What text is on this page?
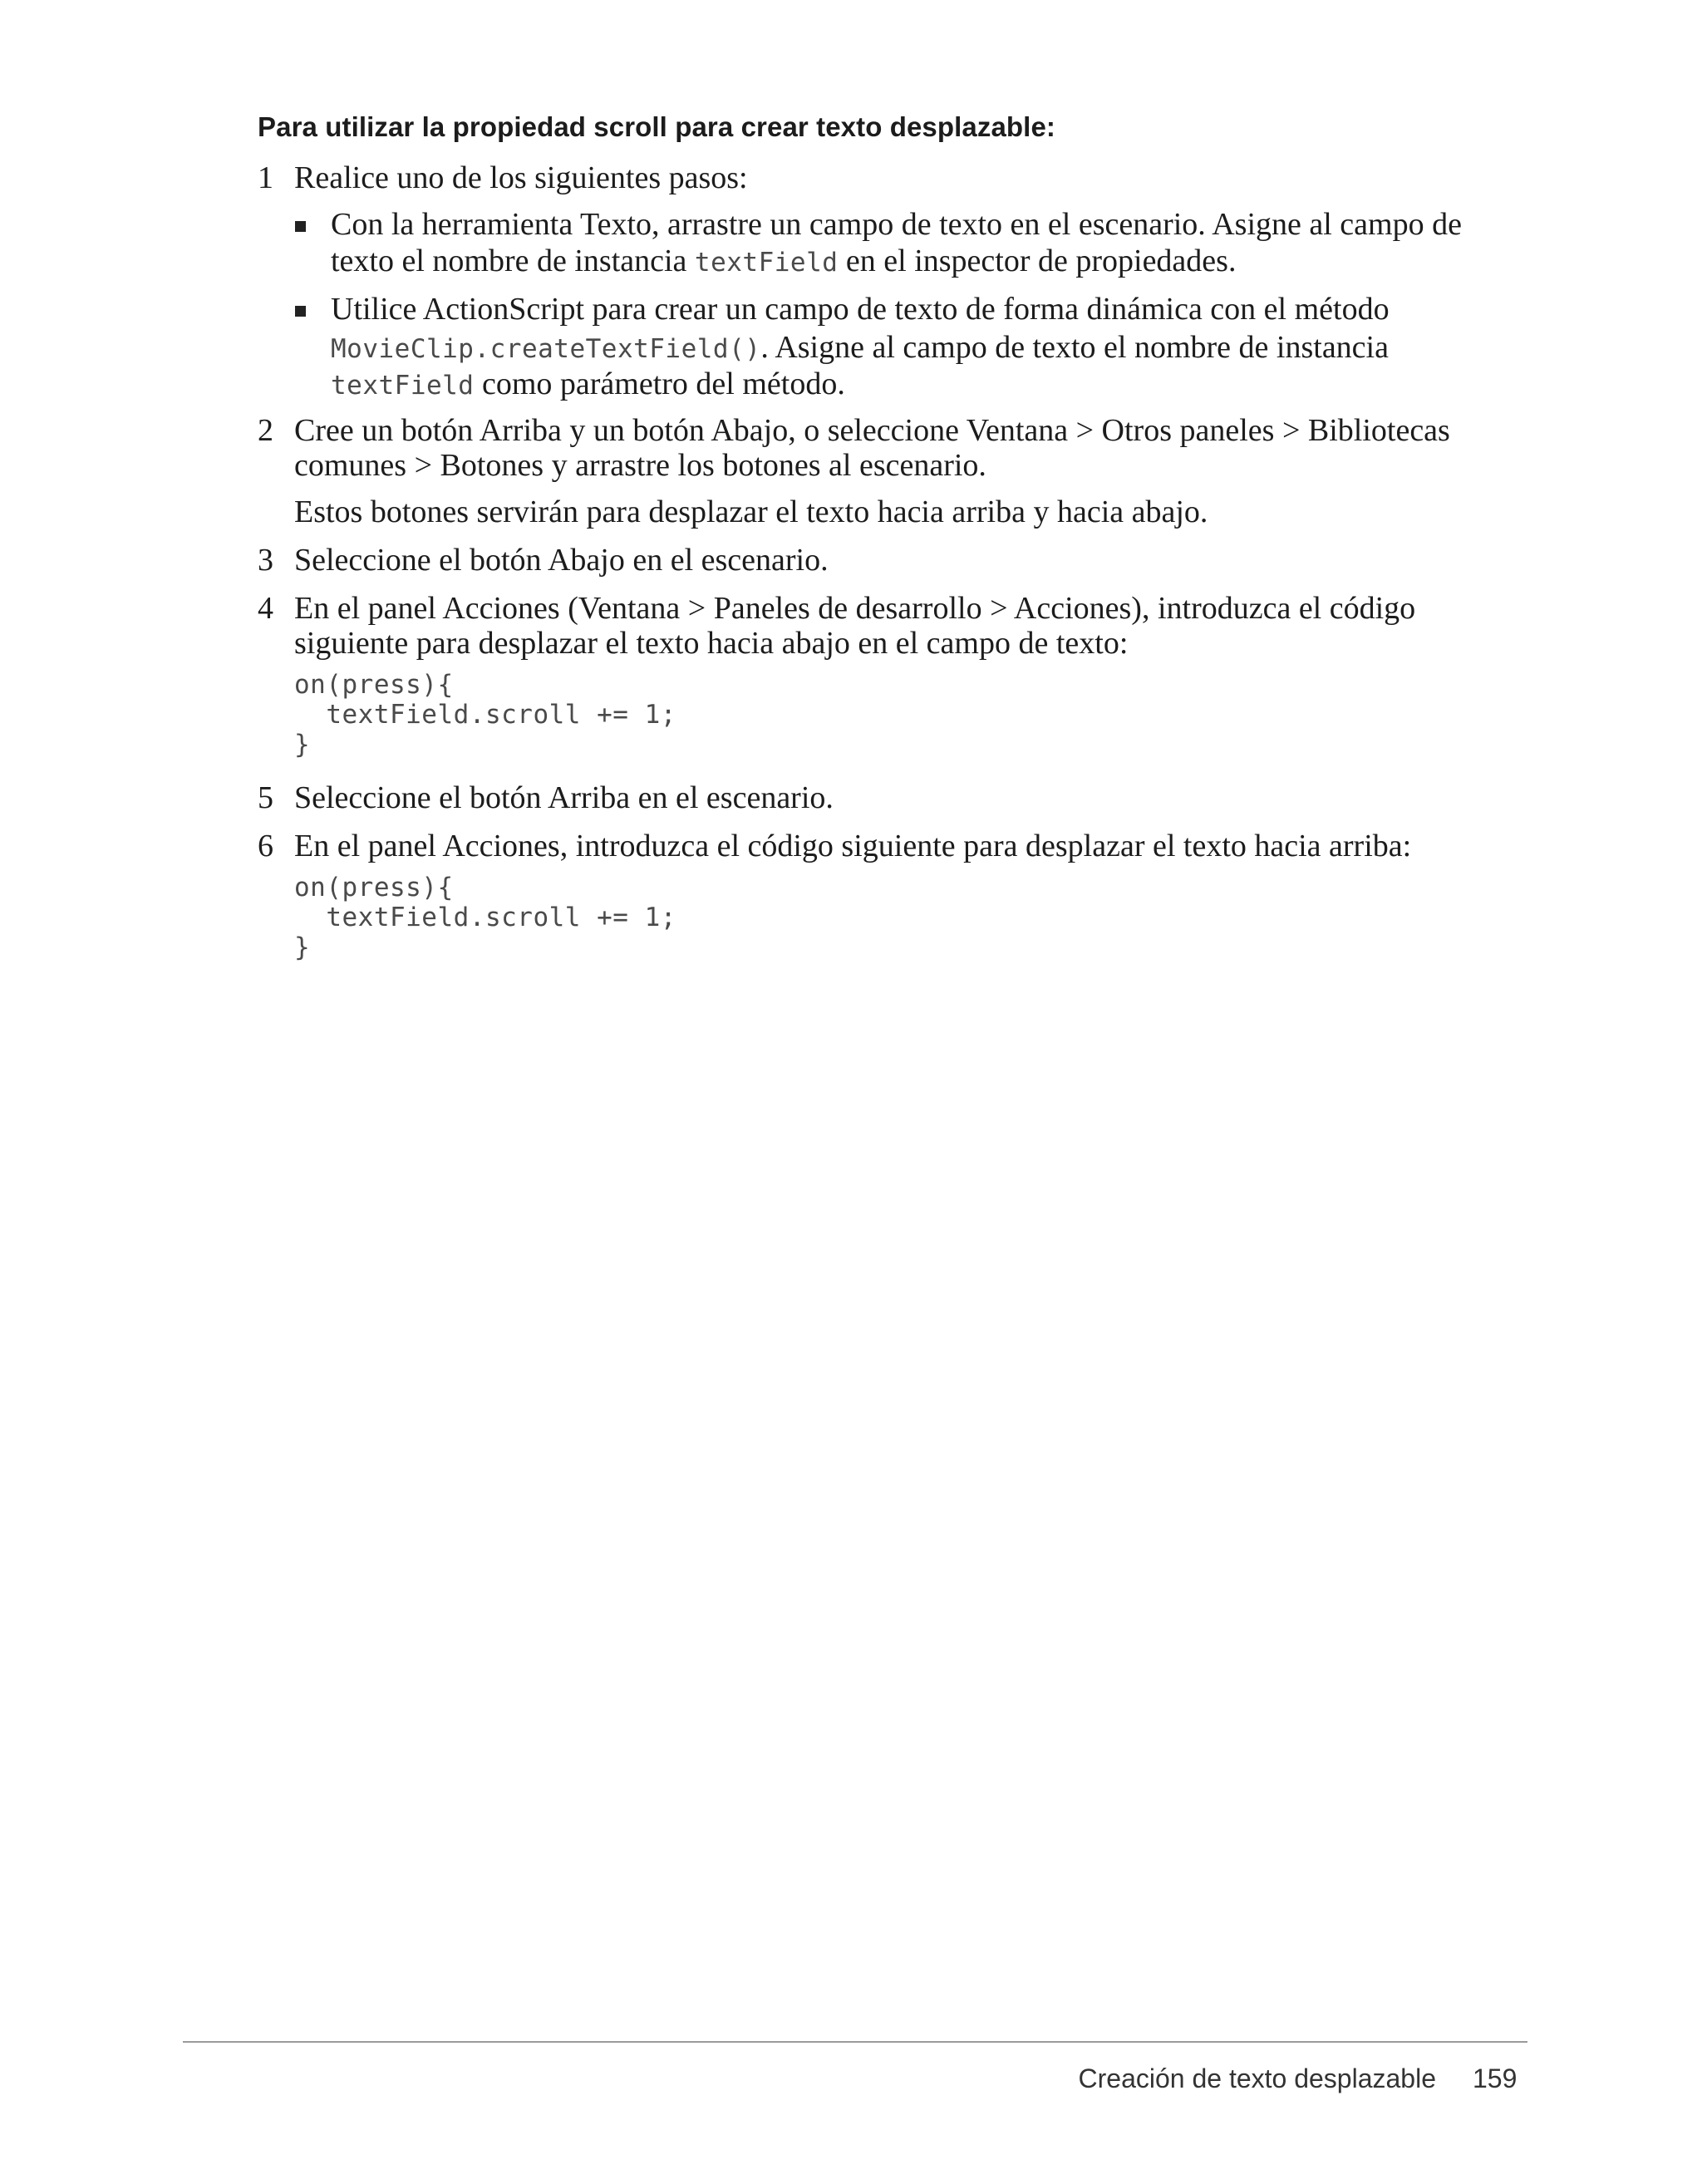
Para utilizar la propiedad scroll para crear texto desplazable:
1 Realice uno de los siguientes pasos:
Con la herramienta Texto, arrastre un campo de texto en el escenario. Asigne al campo de
texto el nombre de instancia textField en el inspector de propiedades.
Utilice ActionScript para crear un campo de texto de forma dinámica con el método
MovieClip.createTextField(). Asigne al campo de texto el nombre de instancia
textField como parámetro del método.
2 Cree un botón Arriba y un botón Abajo, o seleccione Ventana > Otros paneles > Bibliotecas
comunes > Botones y arrastre los botones al escenario.
Estos botones servirán para desplazar el texto hacia arriba y hacia abajo.
3 Seleccione el botón Abajo en el escenario.
4 En el panel Acciones (Ventana > Paneles de desarrollo > Acciones), introduzca el código
siguiente para desplazar el texto hacia abajo en el campo de texto:
on(press){
textField.scroll += 1;
}
5 Seleccione el botón Arriba en el escenario.
6 En el panel Acciones, introduzca el código siguiente para desplazar el texto hacia arriba:
on(press){
textField.scroll += 1;
}
Creación de texto desplazable 159
